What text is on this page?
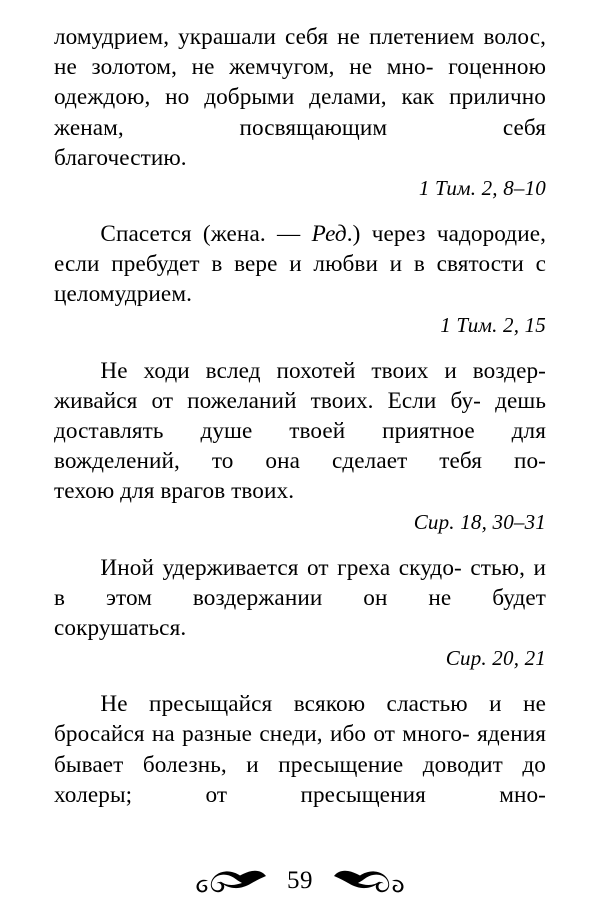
ломудрием, украшали себя не плетением волос, не золотом, не жемчугом, не мно- гоценною одеждою, но добрыми делами, как прилично женам, посвящающим себя

благочестию.

1 Тим. 2, 8–10

Спасется (жена. — Ред.) через чадородие, если пребудет в вере и любви и в святости с целомудрием.

1 Тим. 2, 15

Не ходи вслед похотей твоих и воздер- живайся от пожеланий твоих. Если бу- дешь доставлять душе твоей приятное для вожделений, то она сделает тебя по-

техою для врагов твоих.

Сир. 18, 30–31

Иной удерживается от греха скудо- стью, и в этом воздержании он не будет

сокрушаться.

Сир. 20, 21

Не пресыщайся всякою сластью и не бросайся на разные снеди, ибо от много- ядения бывает болезнь, и пресыщение доводит до холеры; от пресыщения мно-

59
